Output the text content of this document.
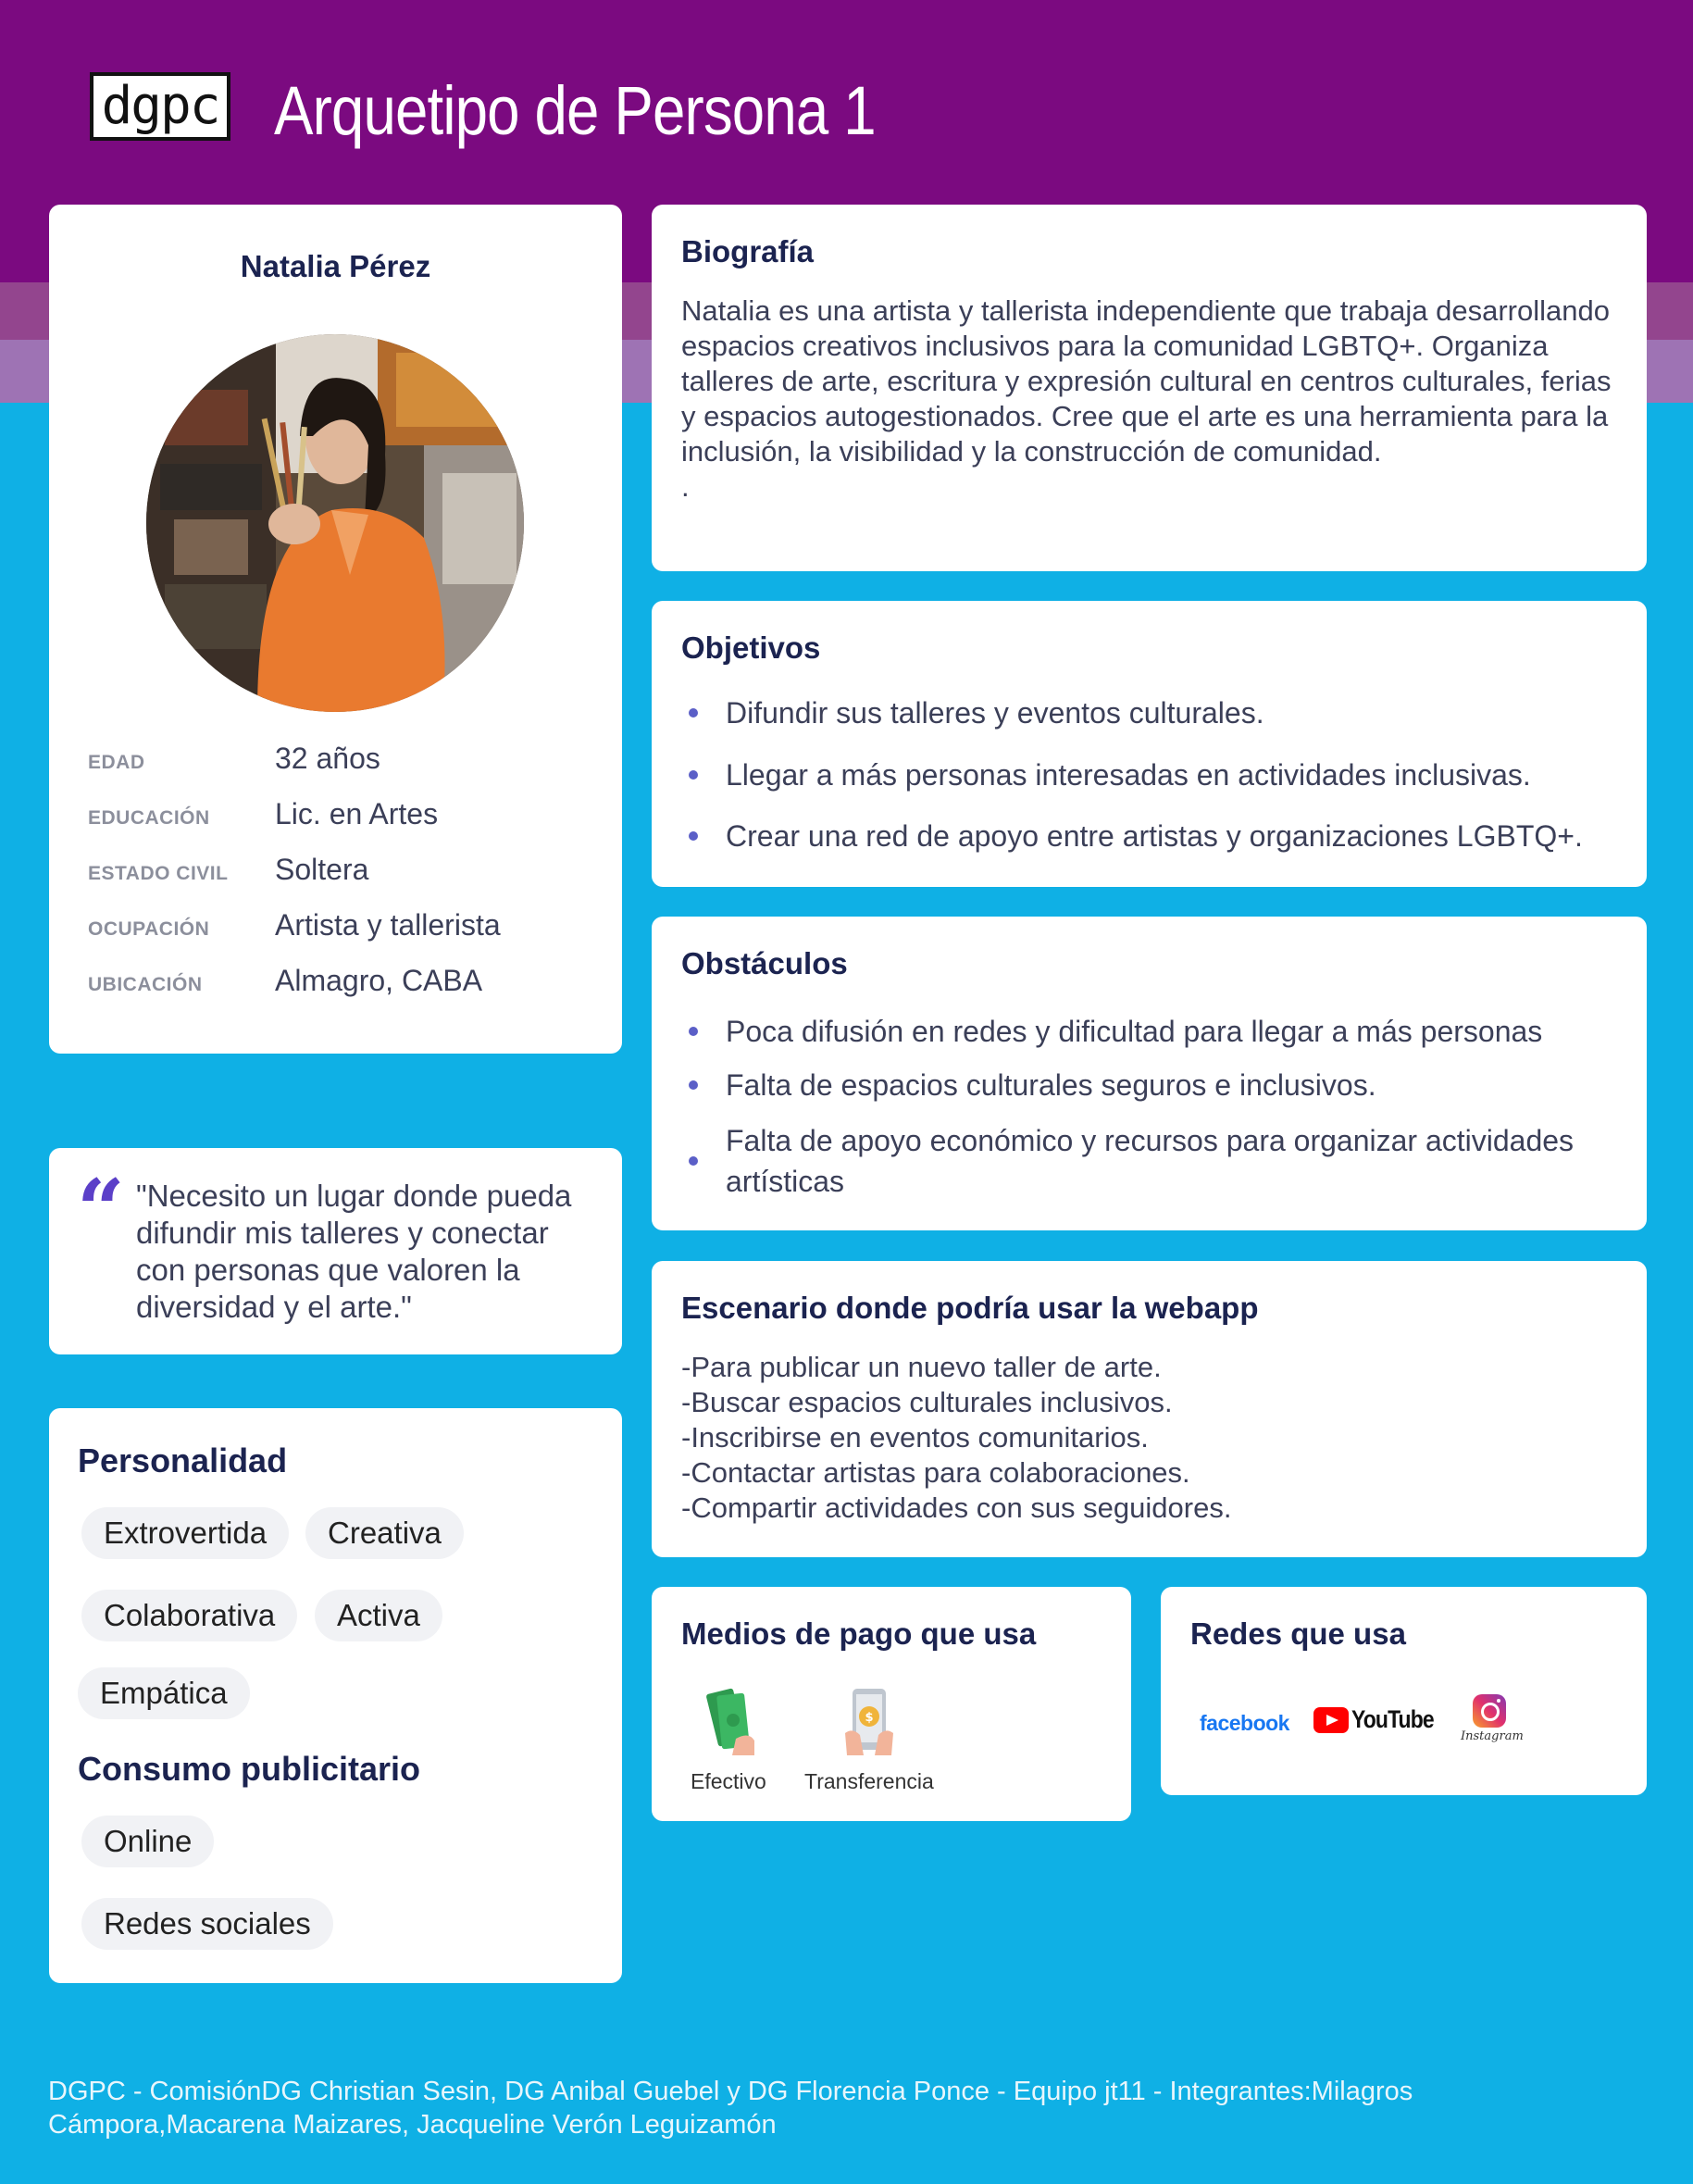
dgpc Arquetipo de Persona 1
Natalia Pérez
EDAD	32 años
EDUCACIÓN	Lic. en Artes
ESTADO CIVIL	Soltera
OCUPACIÓN	Artista y tallerista
UBICACIÓN	Almagro, CABA
“ "Necesito un lugar donde pueda difundir mis talleres y conectar con personas que valoren la diversidad y el arte."

Personalidad
Extrovertida	Creativa
Colaborativa	Activa
Empática
Consumo publicitario
Online
Redes sociales
Biografía

Natalia es una artista y tallerista independiente que trabaja desarrollando espacios creativos inclusivos para la comunidad LGBTQ+. Organiza talleres de arte, escritura y expresión cultural en centros culturales, ferias y espacios autogestionados. Cree que el arte es una herramienta para la inclusión, la visibilidad y la construcción de comunidad.
.

Objetivos
Difundir sus talleres y eventos culturales.
Llegar a más personas interesadas en actividades inclusivas.
Crear una red de apoyo entre artistas y organizaciones LGBTQ+.
Obstáculos
Poca difusión en redes y dificultad para llegar a más personas
Falta de espacios culturales seguros e inclusivos.
Falta de apoyo económico y recursos para organizar actividades artísticas
Escenario donde podría usar la webapp
-Para publicar un nuevo taller de arte.
-Buscar espacios culturales inclusivos.
-Inscribirse en eventos comunitarios.
-Contactar artistas para colaboraciones.
-Compartir actividades con sus seguidores.
Medios de pago que usa
Efectivo
$
Transferencia
Redes que usa
facebook YouTube
Instagram

DGPC - ComisiónDG Christian Sesin, DG Anibal Guebel y DG Florencia Ponce - Equipo jt11 - Integrantes:Milagros Cámpora,Macarena Maizares, Jacqueline Verón Leguizamón
